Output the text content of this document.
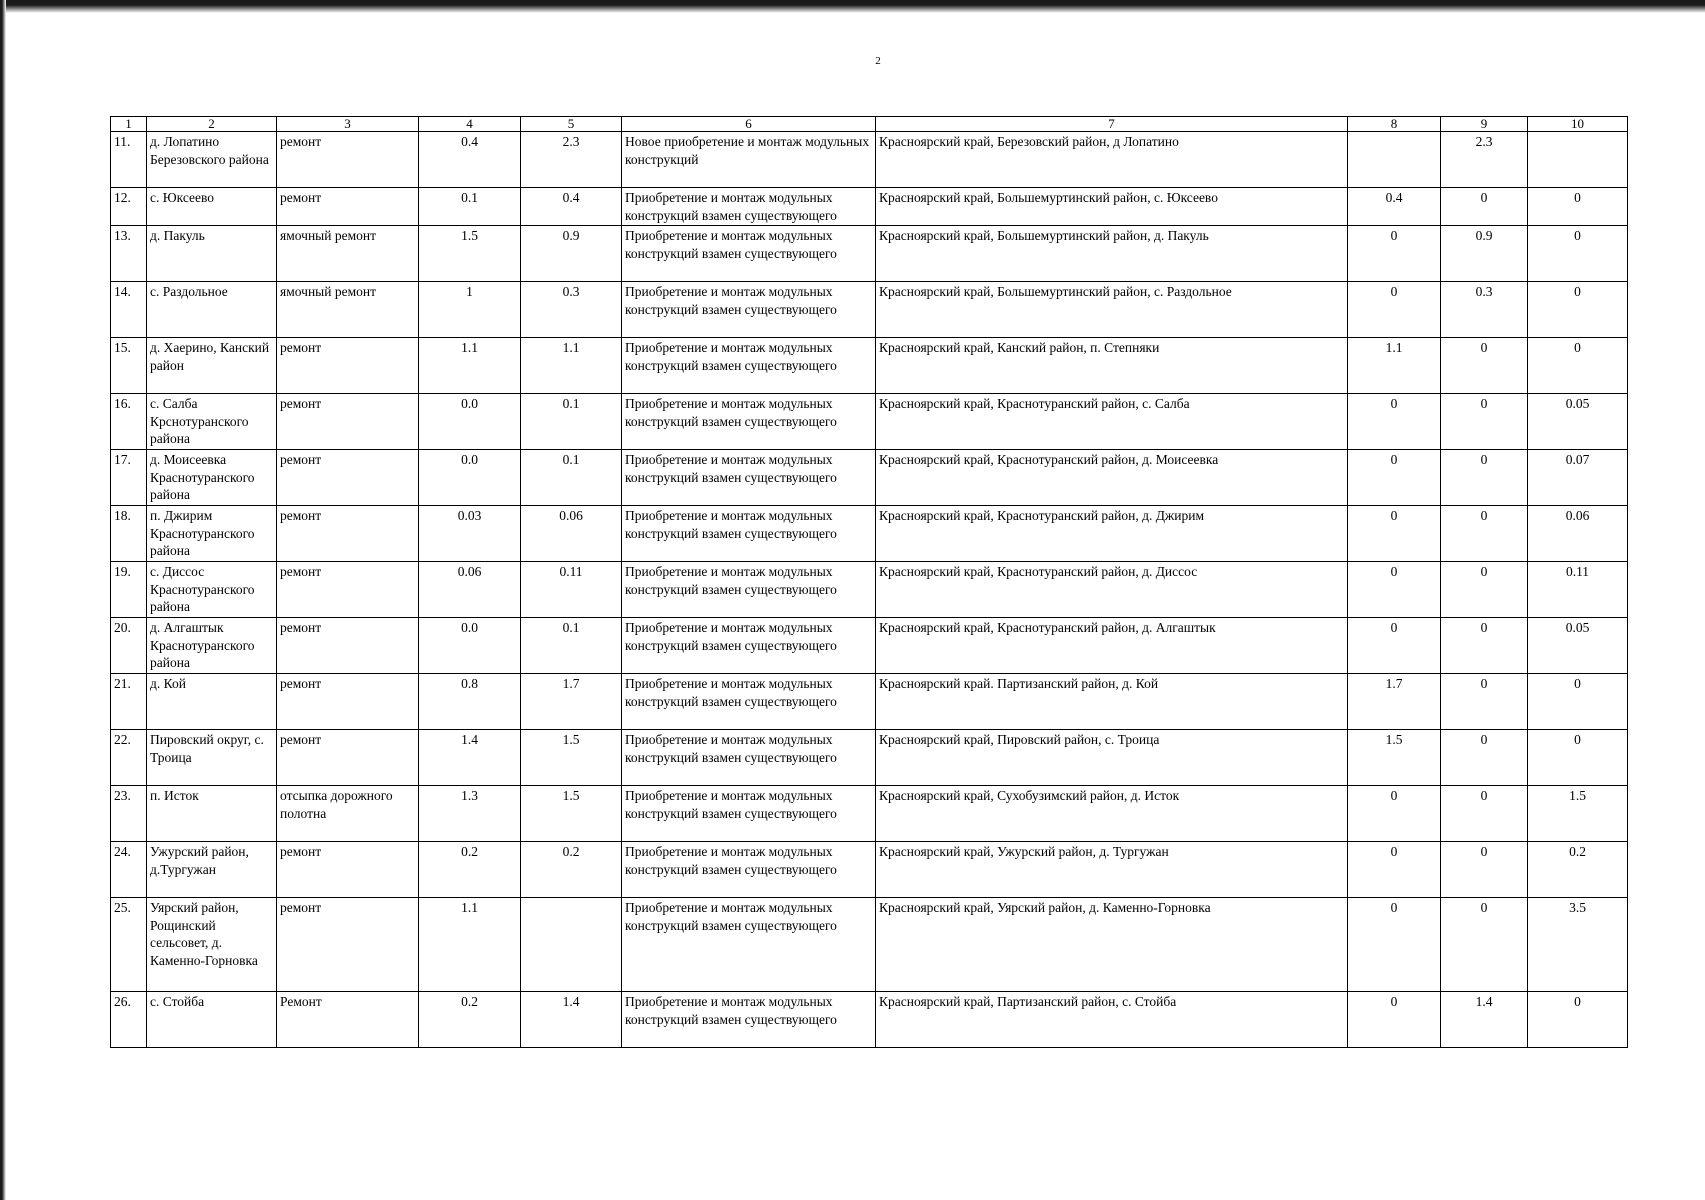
2
1	2	3	4	5	6	7	8	9	10
11.	д. Лопатино Березовского района	ремонт	0.4	2.3	Новое приобретение и монтаж модульных конструкций	Красноярский край, Березовский район, д Лопатино		2.3	
12.	с. Юксеево	ремонт	0.1	0.4	Приобретение и монтаж модульных конструкций взамен существующего	Красноярский край, Большемуртинский район, с. Юксеево	0.4	0	0
13.	д. Пакуль	ямочный ремонт	1.5	0.9	Приобретение и монтаж модульных конструкций взамен существующего	Красноярский край, Большемуртинский район, д. Пакуль	0	0.9	0
14.	с. Раздольное	ямочный ремонт	1	0.3	Приобретение и монтаж модульных конструкций взамен существующего	Красноярский край, Большемуртинский район, с. Раздольное	0	0.3	0
15.	д. Хаерино, Канский район	ремонт	1.1	1.1	Приобретение и монтаж модульных конструкций взамен существующего	Красноярский край, Канский район, п. Степняки	1.1	0	0
16.	с. Салба Крснотуранского района	ремонт	0.0	0.1	Приобретение и монтаж модульных конструкций взамен существующего	Красноярский край, Краснотуранский район, с. Салба	0	0	0.05
17.	д. Моисеевка Краснотуранского района	ремонт	0.0	0.1	Приобретение и монтаж модульных конструкций взамен существующего	Красноярский край, Краснотуранский район, д. Моисеевка	0	0	0.07
18.	п. Джирим Краснотуранского района	ремонт	0.03	0.06	Приобретение и монтаж модульных конструкций взамен существующего	Красноярский край, Краснотуранский район, д. Джирим	0	0	0.06
19.	с. Диссос Краснотуранского района	ремонт	0.06	0.11	Приобретение и монтаж модульных конструкций взамен существующего	Красноярский край, Краснотуранский район, д. Диссос	0	0	0.11
20.	д. Алгаштык Краснотуранского района	ремонт	0.0	0.1	Приобретение и монтаж модульных конструкций взамен существующего	Красноярский край, Краснотуранский район, д. Алгаштык	0	0	0.05
21.	д. Кой	ремонт	0.8	1.7	Приобретение и монтаж модульных конструкций взамен существующего	Красноярский край. Партизанский район, д. Кой	1.7	0	0
22.	Пировский округ, с. Троица	ремонт	1.4	1.5	Приобретение и монтаж модульных конструкций взамен существующего	Красноярский край, Пировский район, с. Троица	1.5	0	0
23.	п. Исток	отсыпка дорожного полотна	1.3	1.5	Приобретение и монтаж модульных конструкций взамен существующего	Красноярский край, Сухобузимский район, д. Исток	0	0	1.5
24.	Ужурский район, д.Тургужан	ремонт	0.2	0.2	Приобретение и монтаж модульных конструкций взамен существующего	Красноярский край, Ужурский район, д. Тургужан	0	0	0.2
25.	Уярский район, Рощинский сельсовет, д. Каменно-Горновка	ремонт	1.1		Приобретение и монтаж модульных конструкций взамен существующего	Красноярский край, Уярский район, д. Каменно-Горновка	0	0	3.5
26.	с. Стойба	Ремонт	0.2	1.4	Приобретение и монтаж модульных конструкций взамен существующего	Красноярский край, Партизанский район, с. Стойба	0	1.4	0
